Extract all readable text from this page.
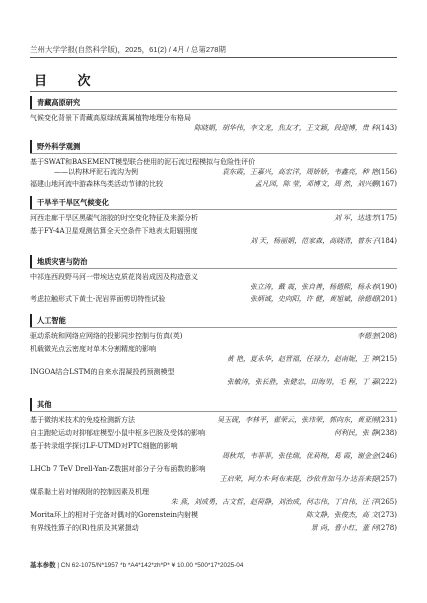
兰州大学学报(自然科学版)，2025，61(2) / 4月 / 总第278期
目 次
青藏高原研究
气候变化背景下青藏高原绿绒蒿属植物地理分布格局
陈晓娟，胡华伟，李文龙，焦友才，王文颖，段迎博，贵 科(143)
野外科学观测
基于SWAT和BASEMENT模型联合使用的泥石流过程模拟与危险性评价
——以构林坪泥石流沟为例	袁东霞，王嘉兴，高宏洋，周娇娇，韦鑫亮，种 艳(156)
福建山地河流中游森林鸟类活动节律的比较	孟凡园，陈 莹，邓博文，周 然，刘兴鹏(167)
干旱半干旱区气候变化
河西走廊干旱区黑碳气溶胶的时空变化特征及来源分析	刘 军，达选芳(175)
基于FY-4A卫星观测估算全天空条件下地表太阳辐照度
刘 天，杨丽娟，范家森，高晓清，曾东子(184)
地质灾害与防治
中祁连西段野马河一带埃达克质花岗岩成因及构造意义
张立涛，戴 震，张自善，杨德熙，杨永春(190)
考虑拉触形式下黄土-泥岩界面剪切特性试验	张炳诚，史向阳，许 健，黄旭斌，徐德超(201)
人工智能
驱动系统和网络应网络的投影同步控制与仿真(英)	李德奎(208)
机载微光点云密度对单木分割精度的影响
黄 艳，夏永华，赵晋福，任禄力，赵南妮，王 神(215)
INGOA结合LSTM的自来水混凝投药预测模型
张敏涛，张长胜，张健忠，田海男，毛 程，丁 嘉(222)
其他
基于微纳米技术的免疫检测新方法	吴玉砚，李林平，翟荣云，张玮荣，郭向东，黄亚刚(231)
自主跑轮运动对抑郁症模型小鼠中枢多巴胺及受体的影响	何利民，张 静(238)
基于转录组学探讨LF-UTMD对PTC细胞的影响
周秋邦，韦菲菲，张佳瑞，优莉梅，葛 霞，谢金金(246)
LHCb 7 TeV Drell-Yan-Z数据对部分子分布函数的影响
王启荣，阿力木·阿布来提，沙依肯加马力·达吾来提(257)
煤系黏土岩对铀吸附的控制因素及机理
朱 燕，刘成勇，古文哲，赵荷静，刘治成，何志伟，丁自伟，汪 洋(265)
Morita环上的相对于完备对偶对的Gorenstein内射模	陈文静，张俊杰，高 文(273)
有界线性算子的(R)性质及其紧摄动	景 尚，曹小红，董 何(278)
基本参数 | CN 62-1075/N*1957 *b *A4*142*zh*P* ¥ 10.00 *500*17*2025-04
